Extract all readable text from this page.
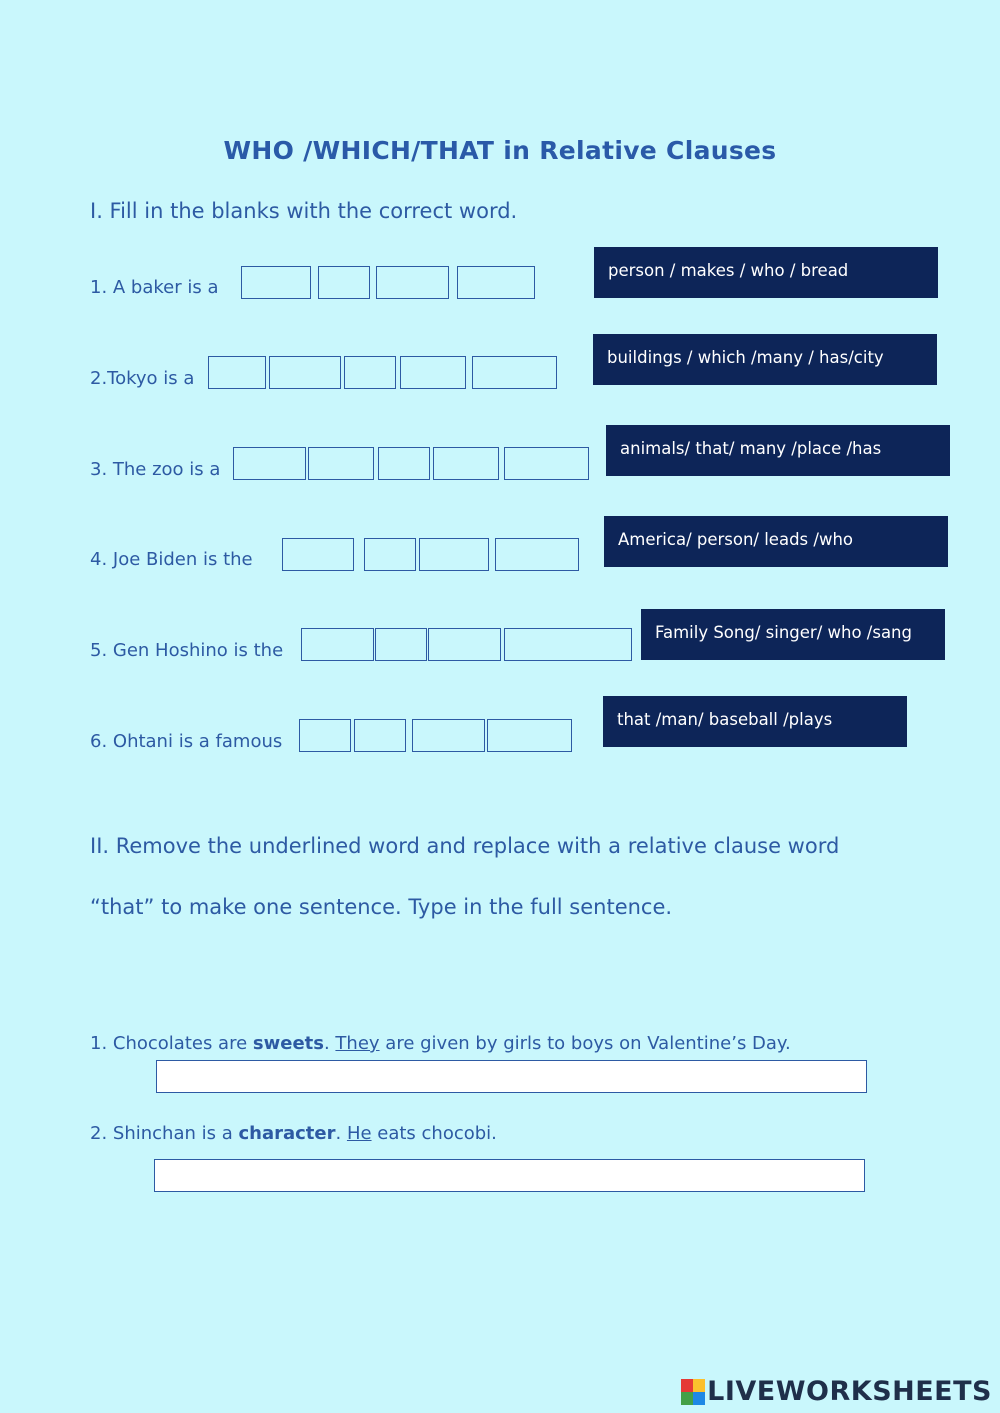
WHO /WHICH/THAT in Relative Clauses
I. Fill in the blanks with the correct word.
1. A baker is a
person / makes / who / bread
2.Tokyo is a
buildings / which /many / has/city
3. The zoo is a
animals/ that/ many /place /has
4. Joe Biden is the
America/ person/ leads /who
5. Gen Hoshino is the
Family Song/ singer/ who /sang
6. Ohtani is a famous
that /man/ baseball /plays
II. Remove the underlined word and replace with a relative clause word
“that” to make one sentence. Type in the full sentence.
1. Chocolates are sweets. They are given by girls to boys on Valentine’s Day.
2. Shinchan is a character. He eats chocobi.
LIVEWORKSHEETS
